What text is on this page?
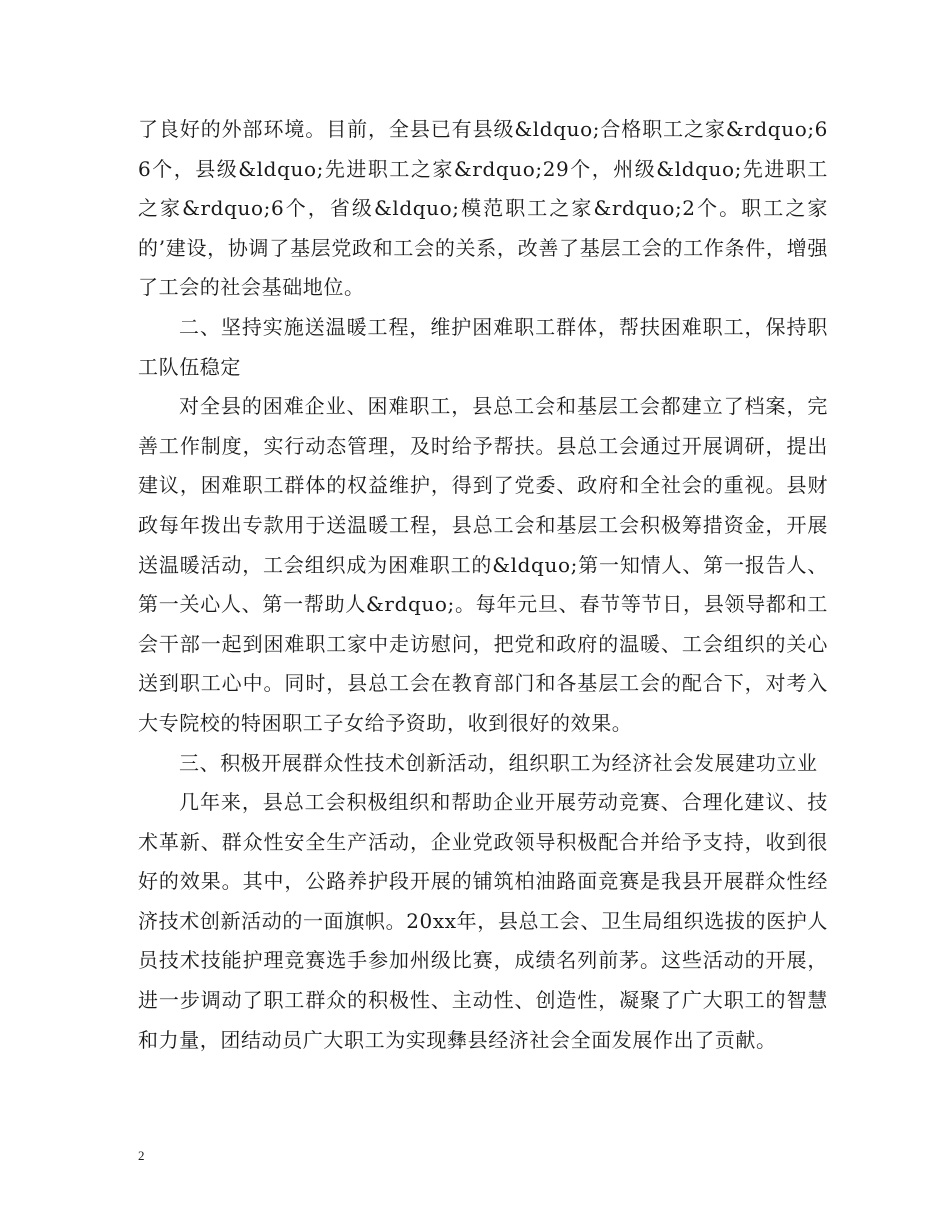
了良好的外部环境。目前，全县已有县级&ldquo;合格职工之家&rdquo;66个，县级&ldquo;先进职工之家&rdquo;29个，州级&ldquo;先进职工之家&rdquo;6个，省级&ldquo;模范职工之家&rdquo;2个。职工之家的’建设，协调了基层党政和工会的关系，改善了基层工会的工作条件，增强了工会的社会基础地位。

二、坚持实施送温暖工程，维护困难职工群体，帮扶困难职工，保持职工队伍稳定

对全县的困难企业、困难职工，县总工会和基层工会都建立了档案，完善工作制度，实行动态管理，及时给予帮扶。县总工会通过开展调研，提出建议，困难职工群体的权益维护，得到了党委、政府和全社会的重视。县财政每年拨出专款用于送温暖工程，县总工会和基层工会积极筹措资金，开展送温暖活动，工会组织成为困难职工的&ldquo;第一知情人、第一报告人、第一关心人、第一帮助人&rdquo;。每年元旦、春节等节日，县领导都和工会干部一起到困难职工家中走访慰问，把党和政府的温暖、工会组织的关心送到职工心中。同时，县总工会在教育部门和各基层工会的配合下，对考入大专院校的特困职工子女给予资助，收到很好的效果。

三、积极开展群众性技术创新活动，组织职工为经济社会发展建功立业

几年来，县总工会积极组织和帮助企业开展劳动竞赛、合理化建议、技术革新、群众性安全生产活动，企业党政领导积极配合并给予支持，收到很好的效果。其中，公路养护段开展的铺筑柏油路面竞赛是我县开展群众性经济技术创新活动的一面旗帜。20xx年，县总工会、卫生局组织选拔的医护人员技术技能护理竞赛选手参加州级比赛，成绩名列前茅。这些活动的开展，进一步调动了职工群众的积极性、主动性、创造性，凝聚了广大职工的智慧和力量，团结动员广大职工为实现彝县经济社会全面发展作出了贡献。

2
